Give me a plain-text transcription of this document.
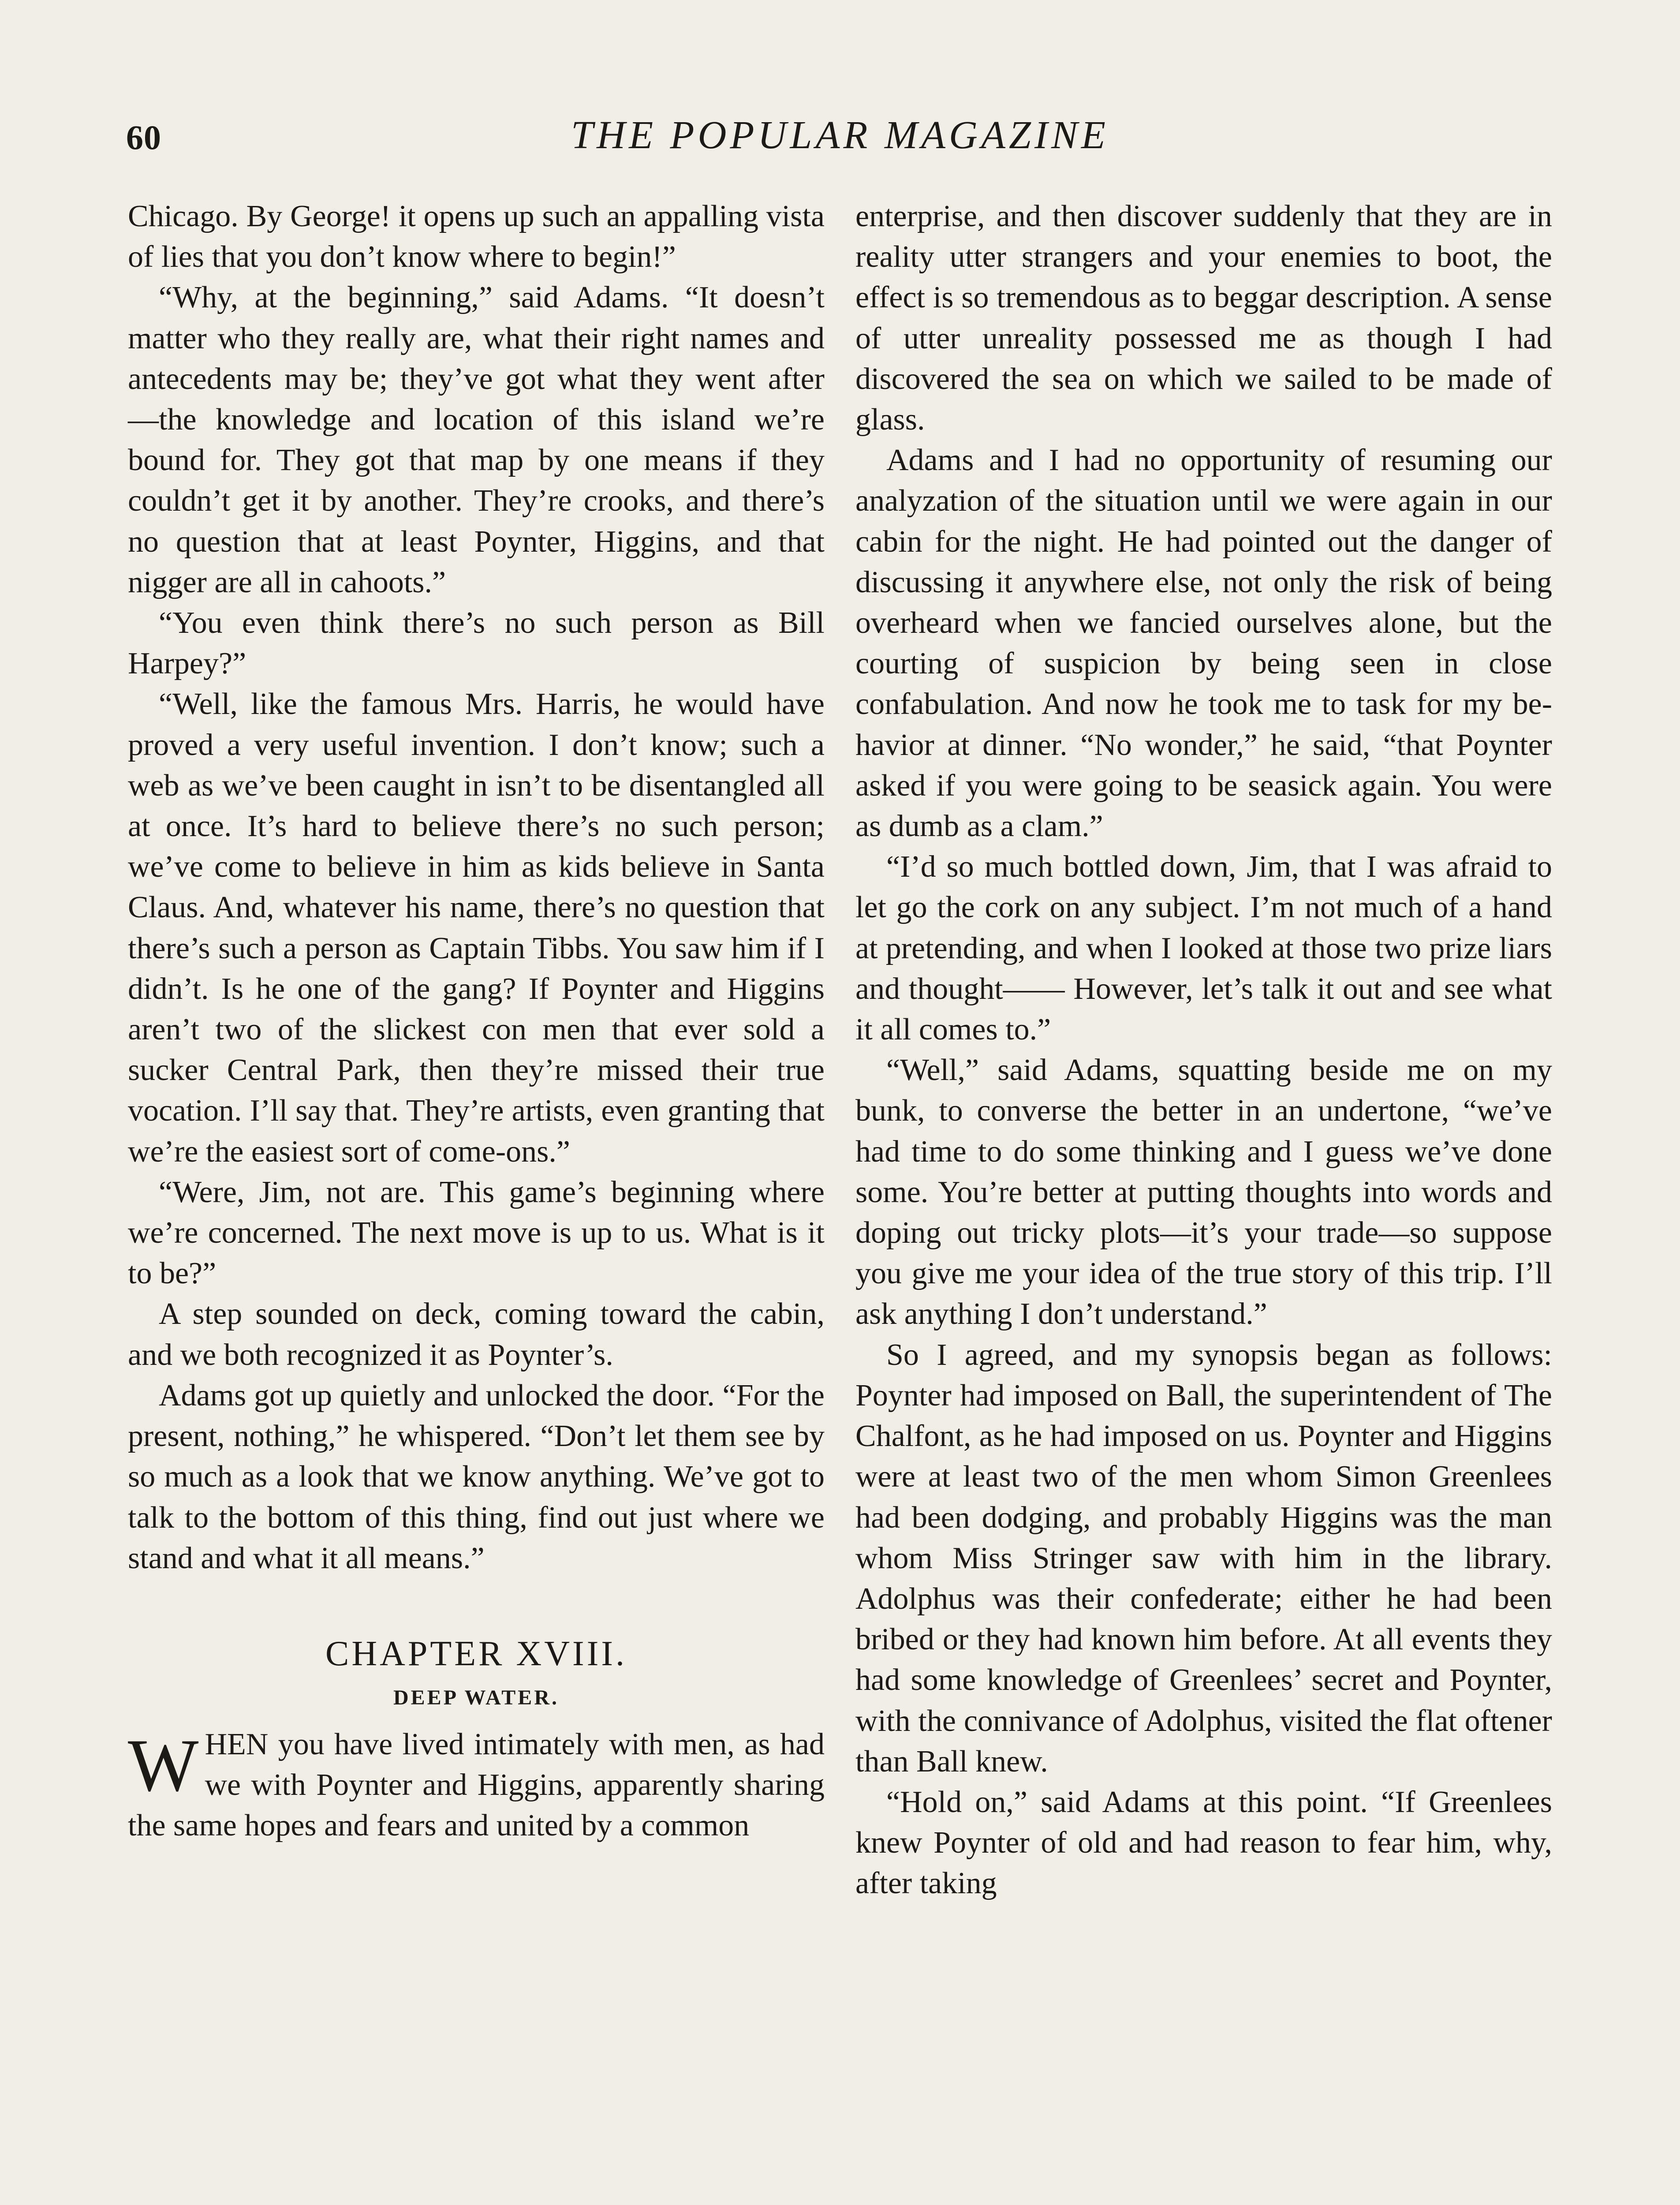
60	THE POPULAR MAGAZINE

Chicago. By George! it opens up such an appalling vista of lies that you don’t know where to begin!”

“Why, at the beginning,” said Adams. “It doesn’t matter who they really are, what their right names and antecedents may be; they’ve got what they went after —the knowledge and location of this island we’re bound for. They got that map by one means if they couldn’t get it by another. They’re crooks, and there’s no question that at least Poynter, Higgins, and that nigger are all in cahoots.”

“You even think there’s no such person as Bill Harpey?”

“Well, like the famous Mrs. Harris, he would have proved a very useful invention. I don’t know; such a web as we’ve been caught in isn’t to be disentangled all at once. It’s hard to believe there’s no such person; we’ve come to believe in him as kids believe in Santa Claus. And, whatever his name, there’s no question that there’s such a person as Captain Tibbs. You saw him if I didn’t. Is he one of the gang? If Poynter and Higgins aren’t two of the slickest con men that ever sold a sucker Central Park, then they’re missed their true vocation. I’ll say that. They’re artists, even granting that we’re the easiest sort of come-ons.”

“Were, Jim, not are. This game’s beginning where we’re concerned. The next move is up to us. What is it to be?”

A step sounded on deck, coming toward the cabin, and we both recognized it as Poynter’s.

Adams got up quietly and unlocked the door. “For the present, nothing,” he whispered. “Don’t let them see by so much as a look that we know anything. We’ve got to talk to the bottom of this thing, find out just where we stand and what it all means.”

CHAPTER XVIII.
DEEP WATER.

WHEN you have lived intimately with men, as had we with Poynter and Higgins, apparently sharing the same hopes and fears and united by a common

enterprise, and then discover suddenly that they are in reality utter strangers and your enemies to boot, the effect is so tremendous as to beggar description. A sense of utter unreality possessed me as though I had discovered the sea on which we sailed to be made of glass.

Adams and I had no opportunity of resuming our analyzation of the situation until we were again in our cabin for the night. He had pointed out the danger of discussing it anywhere else, not only the risk of being overheard when we fancied ourselves alone, but the courting of suspicion by being seen in close confabulation. And now he took me to task for my behavior at dinner. “No wonder,” he said, “that Poynter asked if you were going to be seasick again. You were as dumb as a clam.”

“I’d so much bottled down, Jim, that I was afraid to let go the cork on any subject. I’m not much of a hand at pretending, and when I looked at those two prize liars and thought—— However, let’s talk it out and see what it all comes to.”

“Well,” said Adams, squatting beside me on my bunk, to converse the better in an undertone, “we’ve had time to do some thinking and I guess we’ve done some. You’re better at putting thoughts into words and doping out tricky plots—it’s your trade—so suppose you give me your idea of the true story of this trip. I’ll ask anything I don’t understand.”

So I agreed, and my synopsis began as follows: Poynter had imposed on Ball, the superintendent of The Chalfont, as he had imposed on us. Poynter and Higgins were at least two of the men whom Simon Greenlees had been dodging, and probably Higgins was the man whom Miss Stringer saw with him in the library. Adolphus was their confederate; either he had been bribed or they had known him before. At all events they had some knowledge of Greenlees’ secret and Poynter, with the connivance of Adolphus, visited the flat oftener than Ball knew.

“Hold on,” said Adams at this point. “If Greenlees knew Poynter of old and had reason to fear him, why, after taking
